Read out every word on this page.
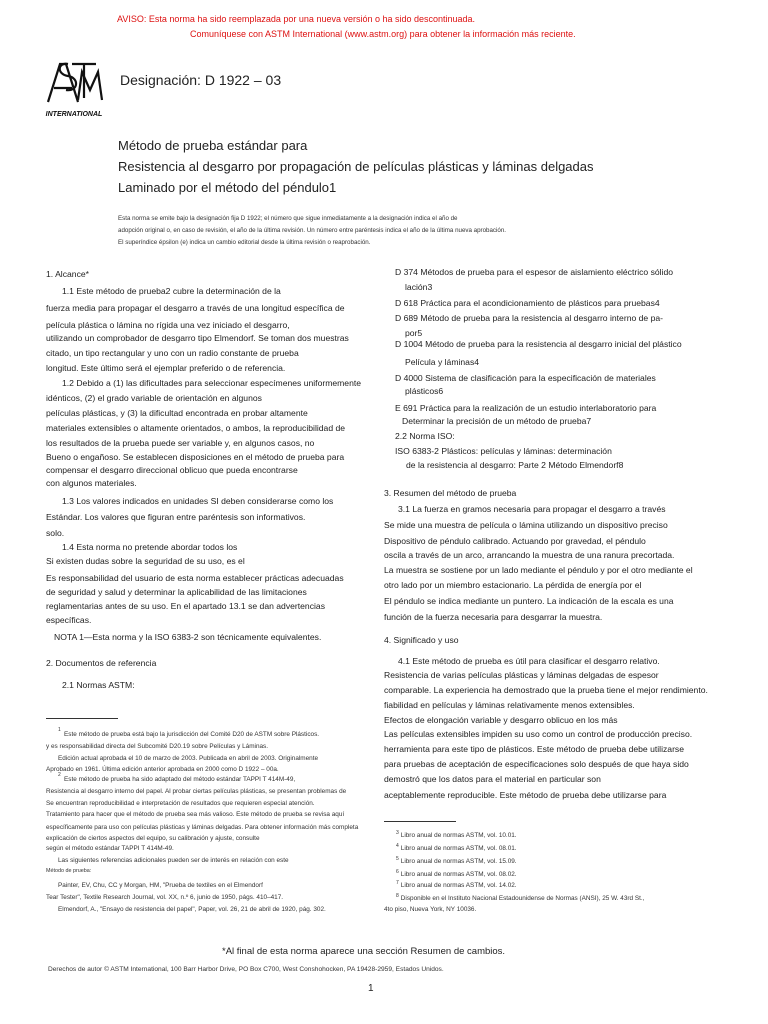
AVISO: Esta norma ha sido reemplazada por una nueva versión o ha sido descontinuada.
Comuníquese con ASTM International (www.astm.org) para obtener la información más reciente.
INTERNATIONAL
Designación: D 1922 – 03
Método de prueba estándar para
Resistencia al desgarro por propagación de películas plásticas y láminas delgadas
Laminado por el método del péndulo1
Esta norma se emite bajo la designación fija D 1922; el número que sigue inmediatamente a la designación indica el año de
adopción original o, en caso de revisión, el año de la última revisión. Un número entre paréntesis indica el año de la última nueva aprobación.
El superíndice épsilon (e) indica un cambio editorial desde la última revisión o reaprobación.
1. Alcance*
1.1 Este método de prueba2 cubre la determinación de la
fuerza media para propagar el desgarro a través de una longitud específica de
película plástica o lámina no rígida una vez iniciado el desgarro,
utilizando un comprobador de desgarro tipo Elmendorf. Se toman dos muestras
citado, un tipo rectangular y uno con un radio constante de prueba
longitud. Este último será el ejemplar preferido o de referencia.
1.2 Debido a (1) las dificultades para seleccionar especímenes uniformemente
idénticos, (2) el grado variable de orientación en algunos
películas plásticas, y (3) la dificultad encontrada en probar altamente
materiales extensibles o altamente orientados, o ambos, la reproducibilidad de
los resultados de la prueba puede ser variable y, en algunos casos, no
Bueno o engañoso. Se establecen disposiciones en el método de prueba para
compensar el desgarro direccional oblicuo que pueda encontrarse
con algunos materiales.
1.3 Los valores indicados en unidades SI deben considerarse como los
Estándar. Los valores que figuran entre paréntesis son informativos.
solo.
1.4 Esta norma no pretende abordar todos los
Si existen dudas sobre la seguridad de su uso, es el
Es responsabilidad del usuario de esta norma establecer prácticas adecuadas
de seguridad y salud y determinar la aplicabilidad de las limitaciones
reglamentarias antes de su uso. En el apartado 13.1 se dan advertencias
específicas.
NOTA 1—Esta norma y la ISO 6383-2 son técnicamente equivalentes.
2. Documentos de referencia
2.1 Normas ASTM:
D 374 Métodos de prueba para el espesor de aislamiento eléctrico sólido
lación3
D 618 Práctica para el acondicionamiento de plásticos para pruebas4
D 689 Método de prueba para la resistencia al desgarro interno de pa-
por5
D 1004 Método de prueba para la resistencia al desgarro inicial del plástico
Película y láminas4
D 4000 Sistema de clasificación para la especificación de materiales
plásticos6
E 691 Práctica para la realización de un estudio interlaboratorio para
Determinar la precisión de un método de prueba7
2.2 Norma ISO:
ISO 6383-2 Plásticos: películas y láminas: determinación
de la resistencia al desgarro: Parte 2 Método Elmendorf8
3. Resumen del método de prueba
3.1 La fuerza en gramos necesaria para propagar el desgarro a través
Se mide una muestra de película o lámina utilizando un dispositivo preciso
Dispositivo de péndulo calibrado. Actuando por gravedad, el péndulo
oscila a través de un arco, arrancando la muestra de una ranura precortada.
La muestra se sostiene por un lado mediante el péndulo y por el otro mediante el
otro lado por un miembro estacionario. La pérdida de energía por el
El péndulo se indica mediante un puntero. La indicación de la escala es una
función de la fuerza necesaria para desgarrar la muestra.
4. Significado y uso
4.1 Este método de prueba es útil para clasificar el desgarro relativo.
Resistencia de varias películas plásticas y láminas delgadas de espesor
comparable. La experiencia ha demostrado que la prueba tiene el mejor rendimiento.
fiabilidad en películas y láminas relativamente menos extensibles.
Efectos de elongación variable y desgarro oblicuo en los más
Las películas extensibles impiden su uso como un control de producción preciso.
herramienta para este tipo de plásticos. Este método de prueba debe utilizarse
para pruebas de aceptación de especificaciones solo después de que haya sido
demostró que los datos para el material en particular son
aceptablemente reproducible. Este método de prueba debe utilizarse para
$^1$
Este método de prueba está bajo la jurisdicción del Comité D20 de ASTM sobre Plásticos.
y es responsabilidad directa del Subcomité D20.19 sobre Películas y Láminas.
Edición actual aprobada el 10 de marzo de 2003. Publicada en abril de 2003. Originalmente
Aprobado en 1961. Última edición anterior aprobada en 2000 como D 1922 – 00a.
$^2$
Este método de prueba ha sido adaptado del método estándar TAPPI T 414M-49,
Resistencia al desgarro interno del papel. Al probar ciertas películas plásticas, se presentan problemas de
Se encuentran reproducibilidad e interpretación de resultados que requieren especial atención.
Tratamiento para hacer que el método de prueba sea más valioso. Este método de prueba se revisa aquí
específicamente para uso con películas plásticas y láminas delgadas. Para obtener información más completa
explicación de ciertos aspectos del equipo, su calibración y ajuste, consulte
según el método estándar TAPPI T 414M-49.
Las siguientes referencias adicionales pueden ser de interés en relación con este
Método de prueba:
Painter, EV, Chu, CC y Morgan, HM, "Prueba de textiles en el Elmendorf
Tear Tester", Textile Research Journal, vol. XX, n.º 6, junio de 1950, págs. 410–417.
Elmendorf, A., "Ensayo de resistencia del papel", Paper, vol. 26, 21 de abril de 1920, pág. 302.
$^3$ Libro anual de normas ASTM, vol. 10.01.
$^4$ Libro anual de normas ASTM, vol. 08.01.
$^5$ Libro anual de normas ASTM, vol. 15.09.
$^6$ Libro anual de normas ASTM, vol. 08.02.
$^7$ Libro anual de normas ASTM, vol. 14.02.
$^8$ Disponible en el Instituto Nacional Estadounidense de Normas (ANSI), 25 W. 43rd St.,
4to piso, Nueva York, NY 10036.
*Al final de esta norma aparece una sección Resumen de cambios.
Derechos de autor © ASTM International, 100 Barr Harbor Drive, PO Box C700, West Conshohocken, PA 19428-2959, Estados Unidos.
1
